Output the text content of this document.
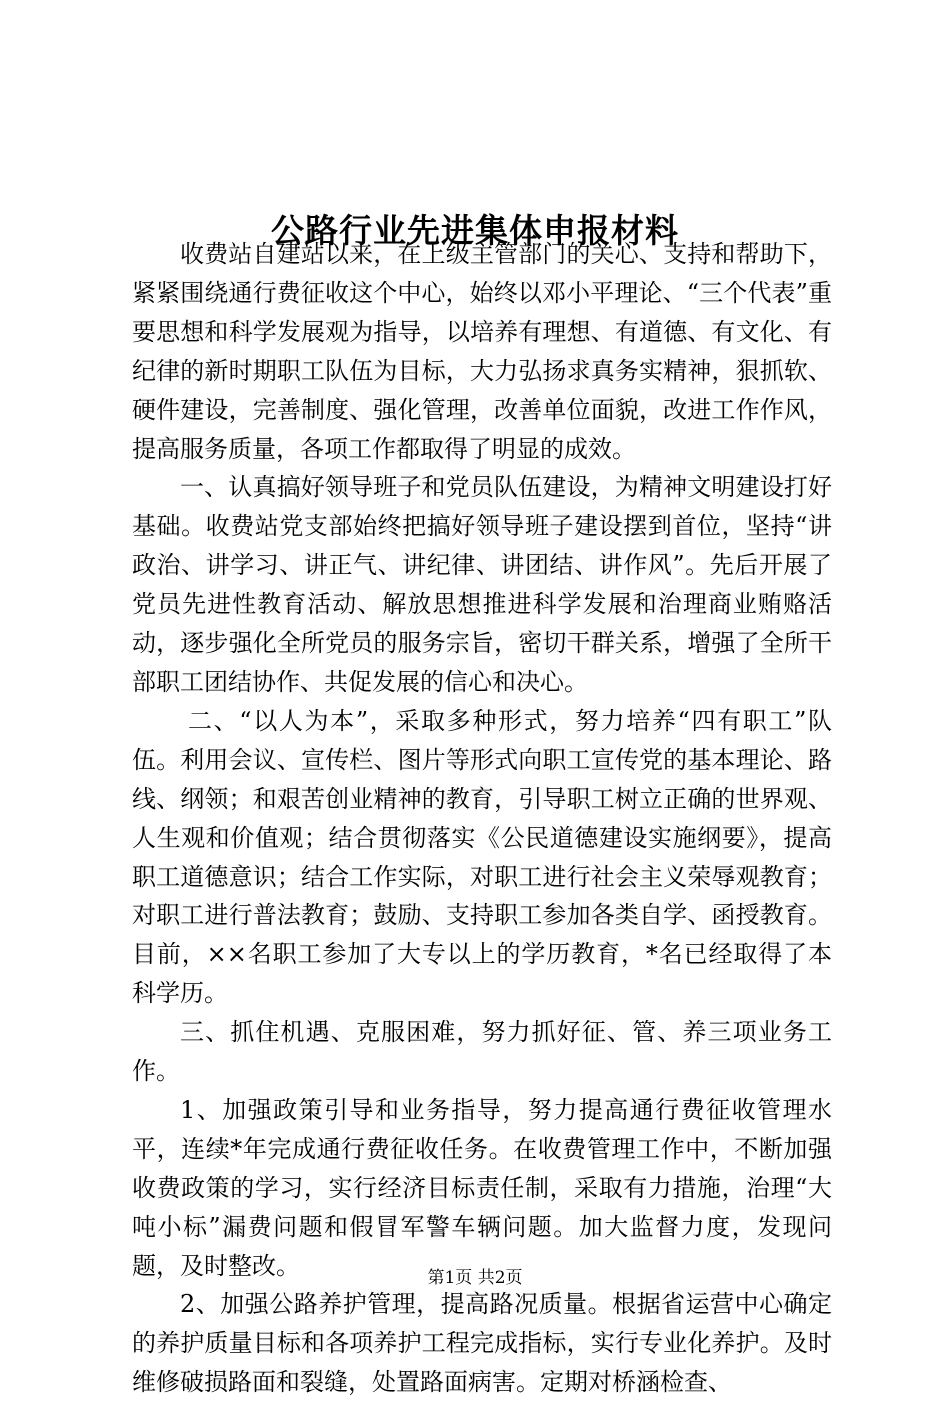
公路行业先进集体申报材料

收费站自建站以来，在上级主管部门的关心、支持和帮助下，紧紧围绕通行费征收这个中心，始终以邓小平理论、“三个代表”重要思想和科学发展观为指导，以培养有理想、有道德、有文化、有纪律的新时期职工队伍为目标，大力弘扬求真务实精神，狠抓软、硬件建设，完善制度、强化管理，改善单位面貌，改进工作作风，提高服务质量，各项工作都取得了明显的成效。

一、认真搞好领导班子和党员队伍建设，为精神文明建设打好基础。收费站党支部始终把搞好领导班子建设摆到首位，坚持“讲政治、讲学习、讲正气、讲纪律、讲团结、讲作风”。先后开展了党员先进性教育活动、解放思想推进科学发展和治理商业贿赂活动，逐步强化全所党员的服务宗旨，密切干群关系，增强了全所干部职工团结协作、共促发展的信心和决心。

二、“以人为本”，采取多种形式，努力培养“四有职工”队伍。利用会议、宣传栏、图片等形式向职工宣传党的基本理论、路线、纲领；和艰苦创业精神的教育，引导职工树立正确的世界观、人生观和价值观；结合贯彻落实《公民道德建设实施纲要》，提高职工道德意识；结合工作实际，对职工进行社会主义荣辱观教育；对职工进行普法教育；鼓励、支持职工参加各类自学、函授教育。目前，××名职工参加了大专以上的学历教育，*名已经取得了本科学历。

三、抓住机遇、克服困难，努力抓好征、管、养三项业务工作。

1、加强政策引导和业务指导，努力提高通行费征收管理水平，连续*年完成通行费征收任务。在收费管理工作中，不断加强收费政策的学习，实行经济目标责任制，采取有力措施，治理“大吨小标”漏费问题和假冒军警车辆问题。加大监督力度，发现问题，及时整改。

2、加强公路养护管理，提高路况质量。根据省运营中心确定的养护质量目标和各项养护工程完成指标，实行专业化养护。及时维修破损路面和裂缝，处置路面病害。定期对桥涵检查、

第1页 共2页
